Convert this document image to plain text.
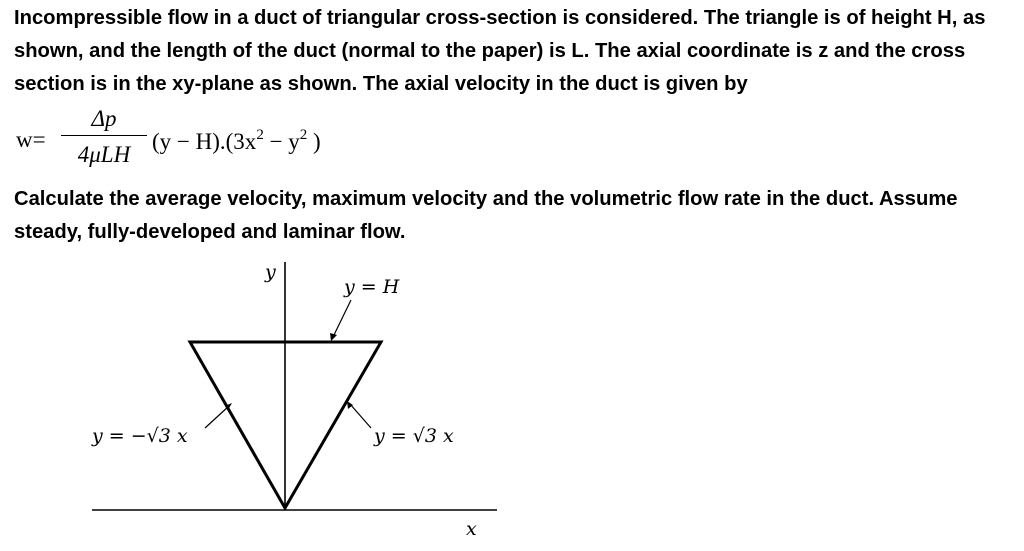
Incompressible flow in a duct of triangular cross-section is considered. The triangle is of height H, as shown, and the length of the duct (normal to the paper) is L. The axial coordinate is z and the cross section is in the xy-plane as shown. The axial velocity in the duct is given by

w=
Δp
4μLH
$(y - H).(3x^2 - y^2$ )

Calculate the average velocity, maximum velocity and the volumetric flow rate in the duct. Assume steady, fully-developed and laminar flow.

y
x
y = H
y = −√3 x	y = √3 x
